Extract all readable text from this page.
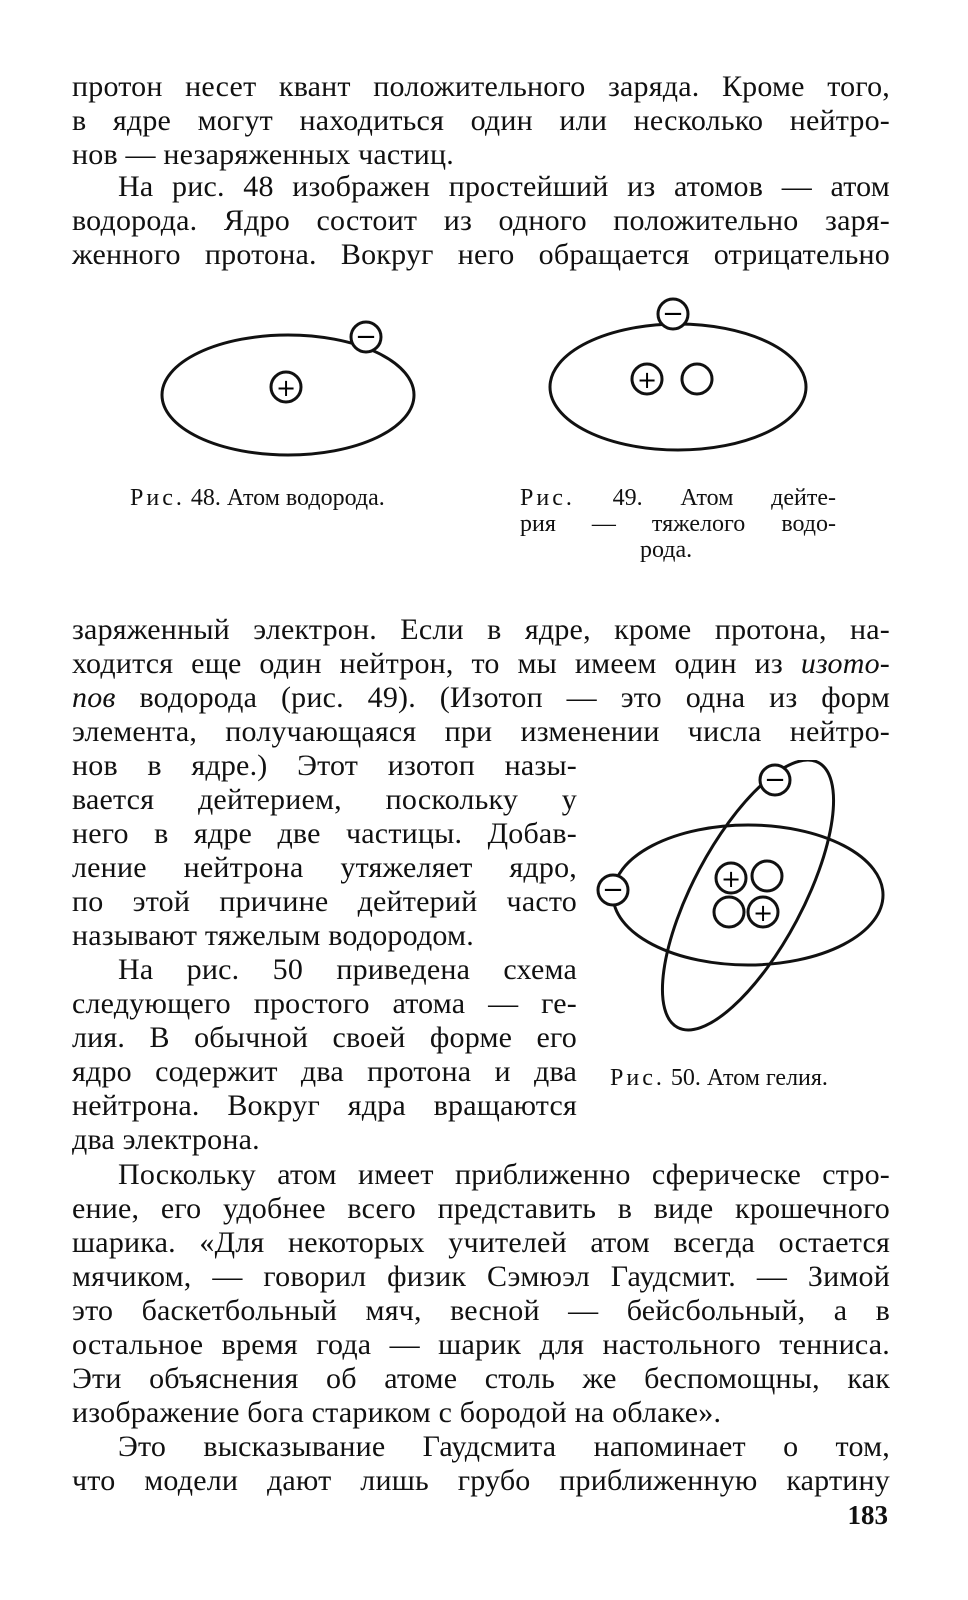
протон несет квант положительного заряда. Кроме того,
в ядре могут находиться один или несколько нейтро-
нов — незаряженных частиц.
На рис. 48 изображен простейший из атомов — атом
водорода. Ядро состоит из одного положительно заря-
женного протона. Вокруг него обращается отрицательно
−
+
−
+
Рис. 48. Атом водорода.	Рис. 49. Атом дейте-
рия — тяжелого водо-
рода.
заряженный электрон. Если в ядре, кроме протона, на-
ходится еще один нейтрон, то мы имеем один из изото-
пов водорода (рис. 49). (Изотоп — это одна из форм
элемента, получающаяся при изменении числа нейтро-
нов в ядре.) Этот изотоп назы-
вается дейтерием, поскольку у
него в ядре две частицы. Добав-
ление нейтрона утяжеляет ядро,
по этой причине дейтерий часто
называют тяжелым водородом.
На рис. 50 приведена схема
следующего простого атома — ге-
лия. В обычной своей форме его
ядро содержит два протона и два
нейтрона. Вокруг ядра вращаются
два электрона.
−
−	+
+
Рис. 50. Атом гелия.
Поскольку атом имеет приближенно сферическе стро-
ение, его удобнее всего представить в виде крошечного
шарика. «Для некоторых учителей атом всегда остается
мячиком, — говорил физик Сэмюэл Гаудсмит. — Зимой
это баскетбольный мяч, весной — бейсбольный, а в
остальное время года — шарик для настольного тенниса.
Эти объяснения об атоме столь же беспомощны, как
изображение бога стариком с бородой на облаке».
Это высказывание Гаудсмита напоминает о том,
что модели дают лишь грубо приближенную картину
183
